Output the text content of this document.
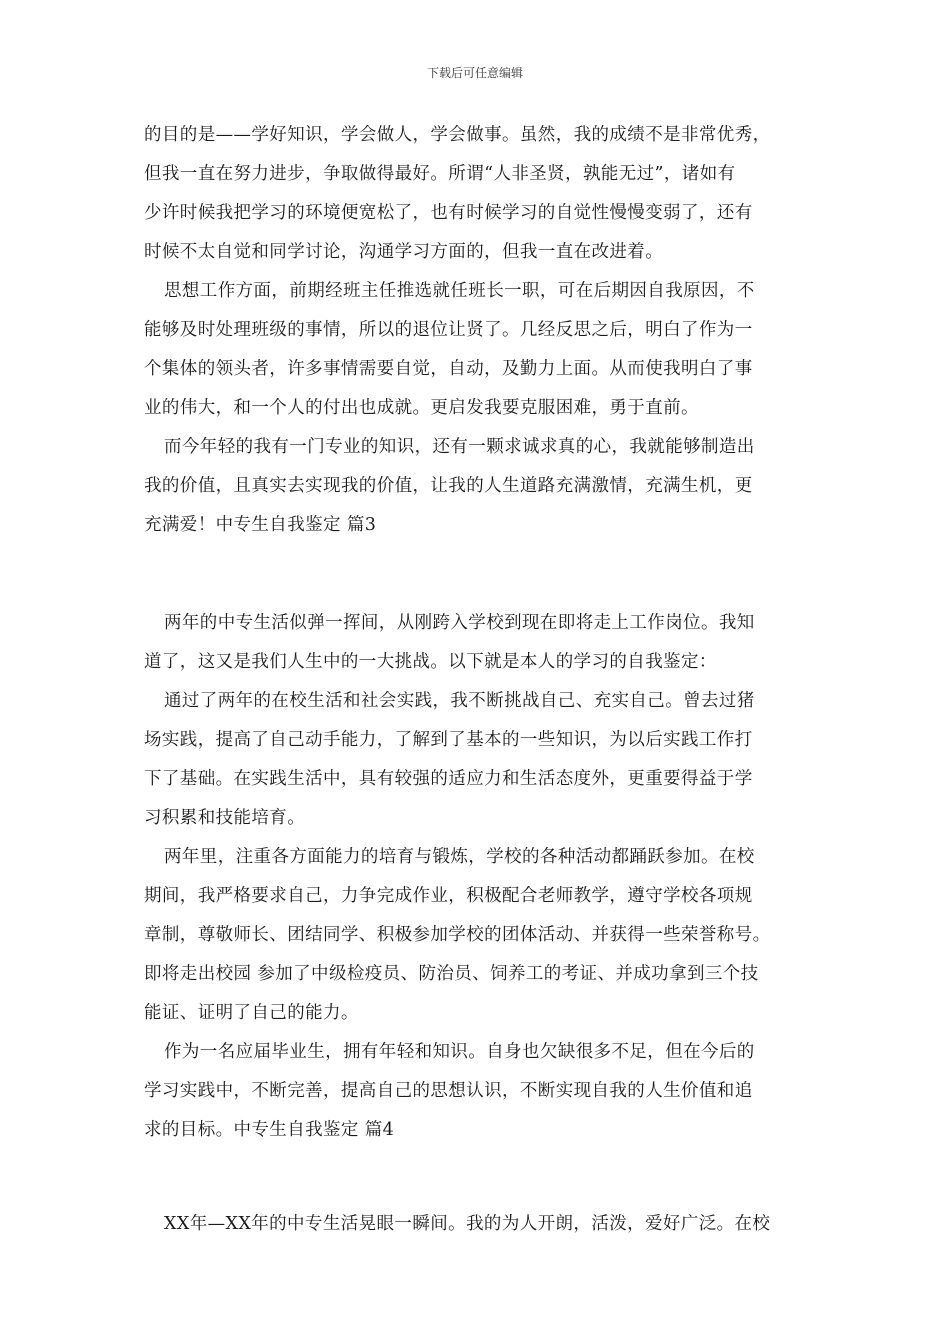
下载后可任意编辑
的目的是——学好知识，学会做人，学会做事。虽然，我的成绩不是非常优秀，
但我一直在努力进步，争取做得最好。所谓“人非圣贤，孰能无过”，诸如有
少许时候我把学习的环境便宽松了，也有时候学习的自觉性慢慢变弱了，还有
时候不太自觉和同学讨论，沟通学习方面的，但我一直在改进着。
思想工作方面，前期经班主任推选就任班长一职，可在后期因自我原因，不
能够及时处理班级的事情，所以的退位让贤了。几经反思之后，明白了作为一
个集体的领头者，许多事情需要自觉，自动，及勤力上面。从而使我明白了事
业的伟大，和一个人的付出也成就。更启发我要克服困难，勇于直前。
而今年轻的我有一门专业的知识，还有一颗求诚求真的心，我就能够制造出
我的价值，且真实去实现我的价值，让我的人生道路充满激情，充满生机，更
充满爱！中专生自我鉴定 篇3
两年的中专生活似弹一挥间，从刚跨入学校到现在即将走上工作岗位。我知
道了，这又是我们人生中的一大挑战。以下就是本人的学习的自我鉴定：
通过了两年的在校生活和社会实践，我不断挑战自己、充实自己。曾去过猪
场实践，提高了自己动手能力，了解到了基本的一些知识，为以后实践工作打
下了基础。在实践生活中，具有较强的适应力和生活态度外，更重要得益于学
习积累和技能培育。
两年里，注重各方面能力的培育与锻炼，学校的各种活动都踊跃参加。在校
期间，我严格要求自己，力争完成作业，积极配合老师教学，遵守学校各项规
章制，尊敬师长、团结同学、积极参加学校的团体活动、并获得一些荣誉称号。
即将走出校园 参加了中级检疫员、防治员、饲养工的考证、并成功拿到三个技
能证、证明了自己的能力。
作为一名应届毕业生，拥有年轻和知识。自身也欠缺很多不足，但在今后的
学习实践中，不断完善，提高自己的思想认识，不断实现自我的人生价值和追
求的目标。中专生自我鉴定 篇4
XX年—XX年的中专生活晃眼一瞬间。我的为人开朗，活泼，爱好广泛。在校
